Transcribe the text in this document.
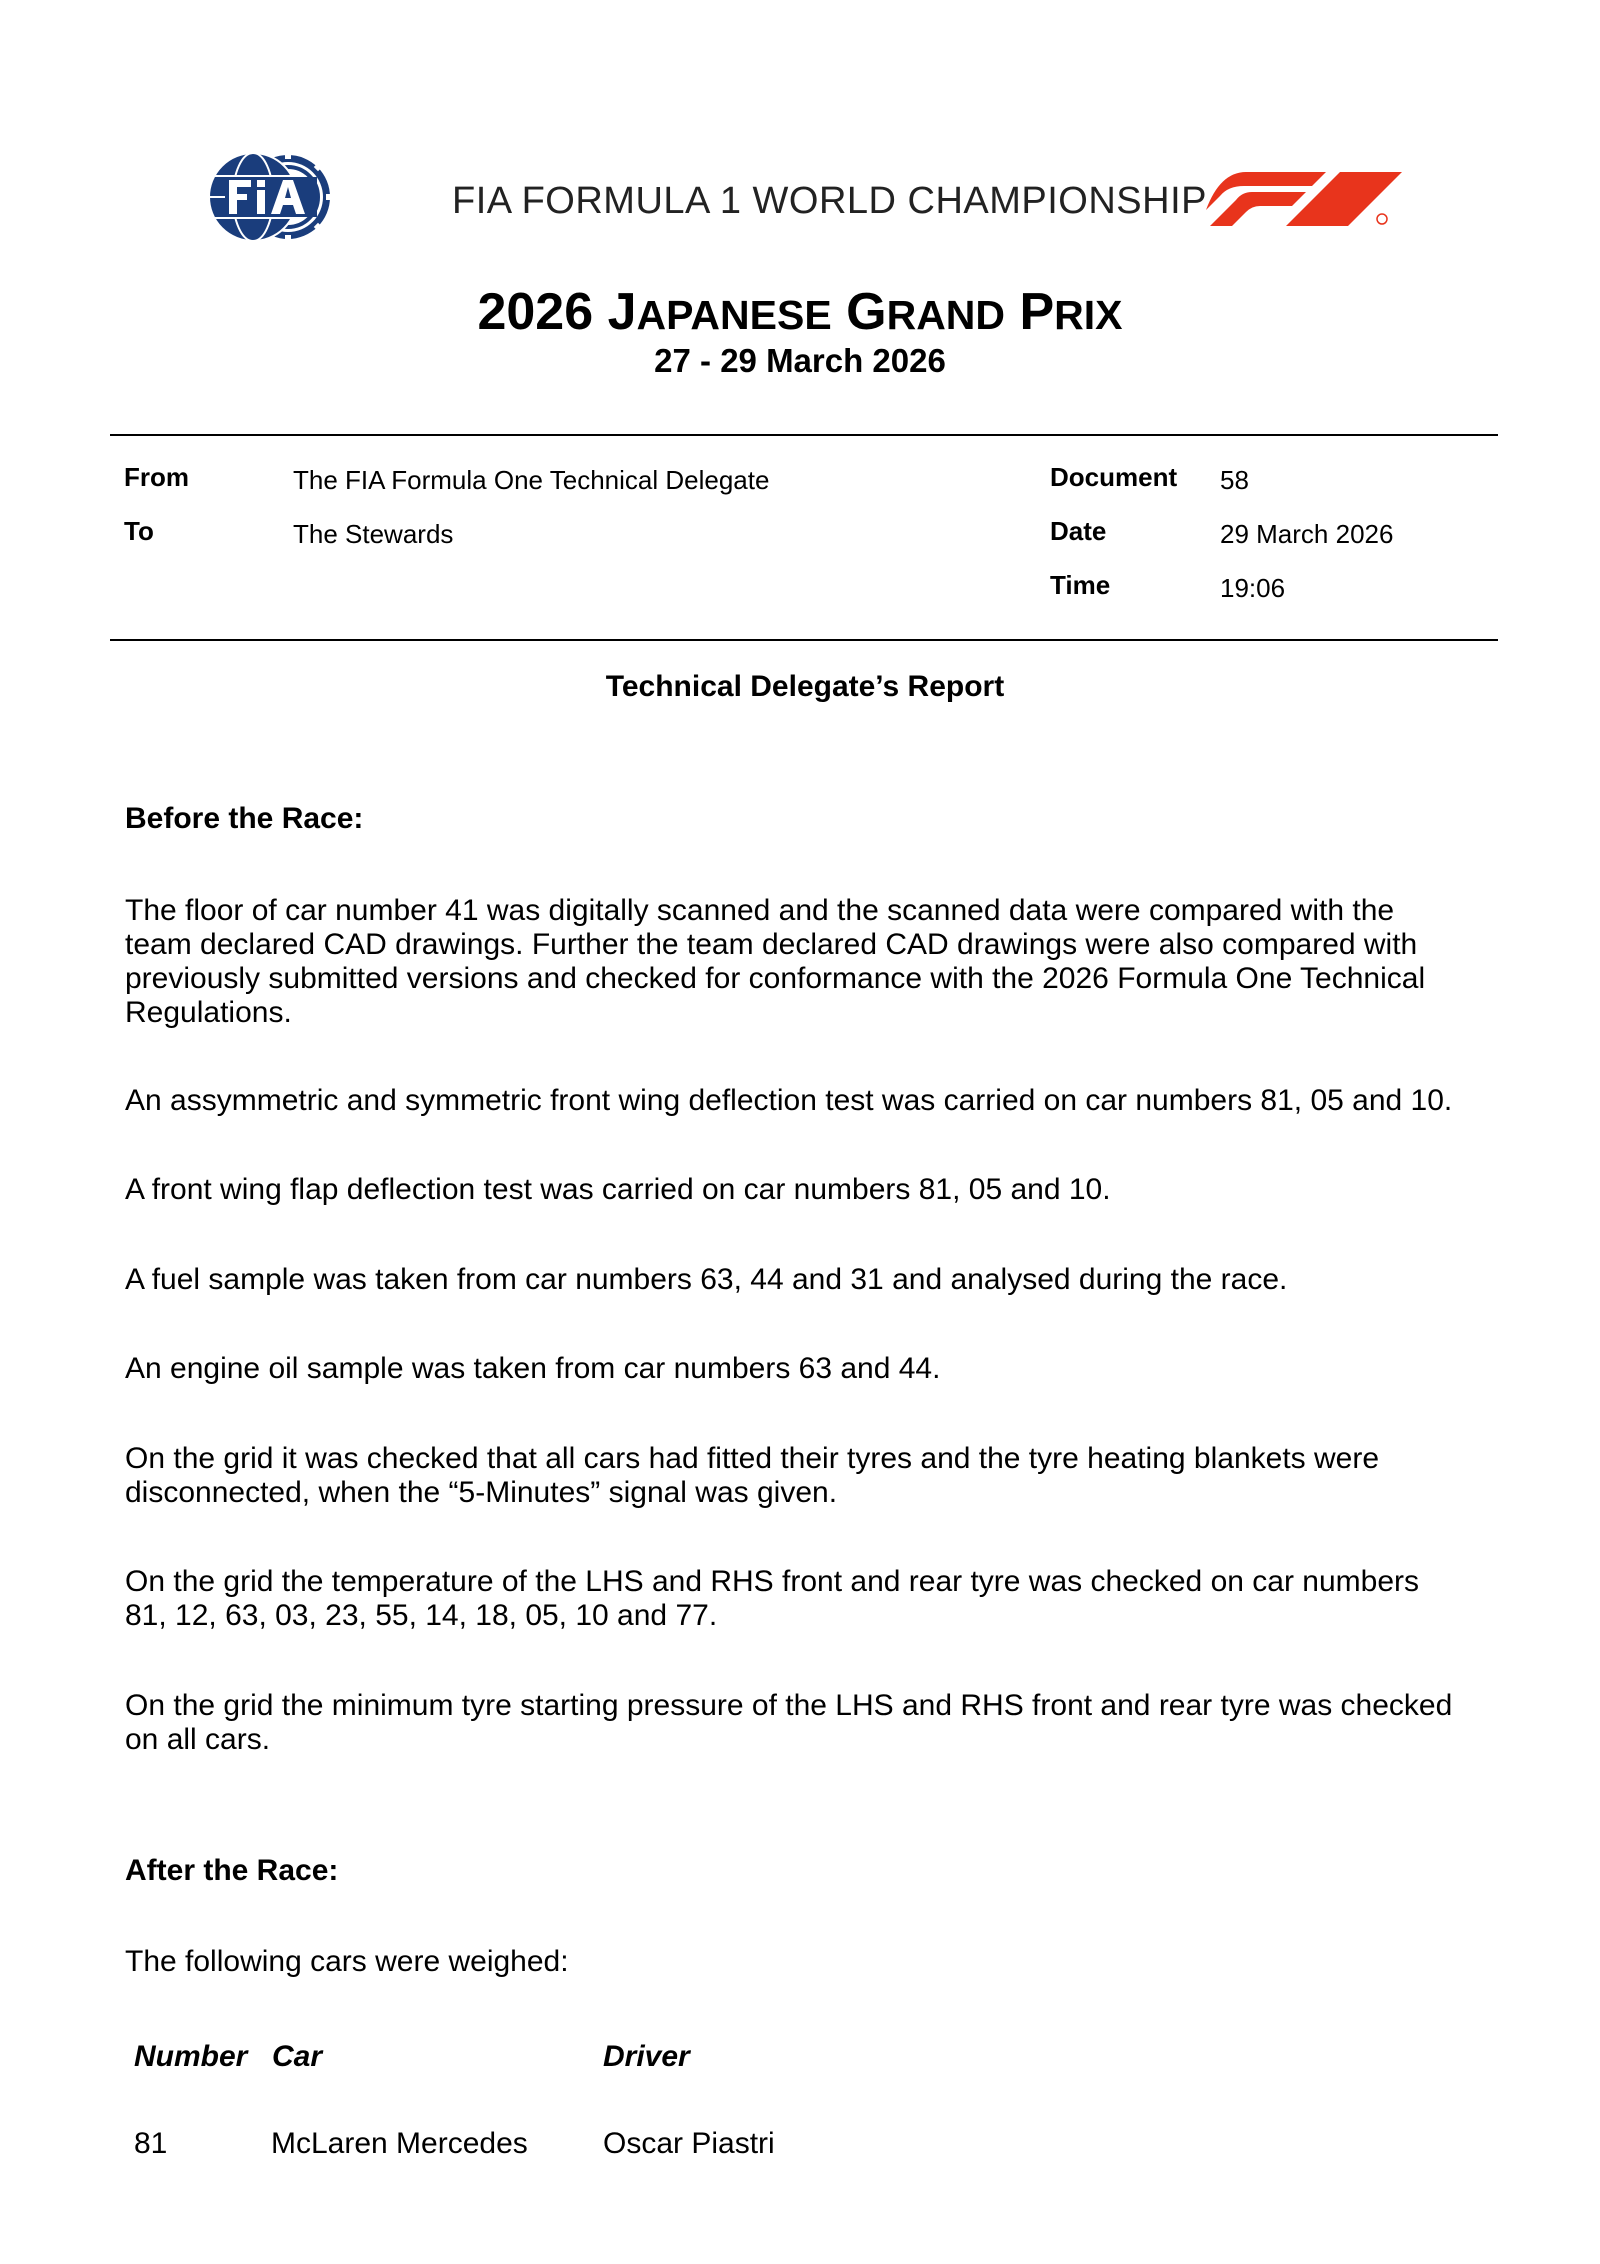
FIA FORMULA 1 WORLD CHAMPIONSHIP
2026 JAPANESE GRAND PRIX
27 - 29 March 2026
From	The FIA Formula One Technical Delegate
To	The Stewards
Document 58
Date	29 March 2026
Time	19:06
Technical Delegate’s Report
Before the Race:
The floor of car number 41 was digitally scanned and the scanned data were compared with the
team declared CAD drawings. Further the team declared CAD drawings were also compared with
previously submitted versions and checked for conformance with the 2026 Formula One Technical
Regulations.
An assymmetric and symmetric front wing deflection test was carried on car numbers 81, 05 and 10.
A front wing flap deflection test was carried on car numbers 81, 05 and 10.
A fuel sample was taken from car numbers 63, 44 and 31 and analysed during the race.
An engine oil sample was taken from car numbers 63 and 44.
On the grid it was checked that all cars had fitted their tyres and the tyre heating blankets were
disconnected, when the “5-Minutes” signal was given.
On the grid the temperature of the LHS and RHS front and rear tyre was checked on car numbers
81, 12, 63, 03, 23, 55, 14, 18, 05, 10 and 77.
On the grid the minimum tyre starting pressure of the LHS and RHS front and rear tyre was checked
on all cars.
After the Race:
The following cars were weighed:
Number Car	Driver
81	McLaren Mercedes	Oscar Piastri
